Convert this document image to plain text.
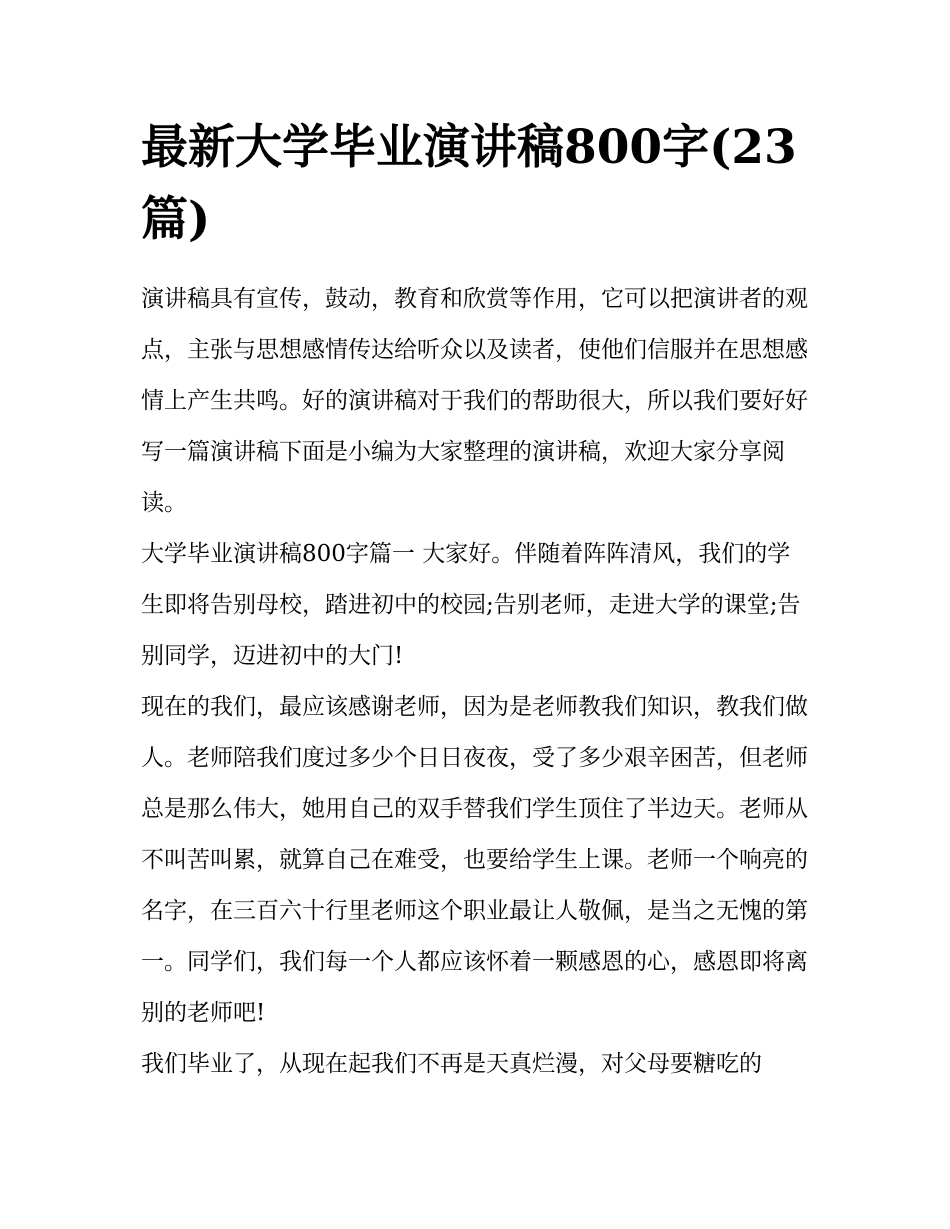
最新大学毕业演讲稿800字(23篇)

演讲稿具有宣传，鼓动，教育和欣赏等作用，它可以把演讲者的观点，主张与思想感情传达给听众以及读者，使他们信服并在思想感情上产生共鸣。好的演讲稿对于我们的帮助很大，所以我们要好好写一篇演讲稿下面是小编为大家整理的演讲稿，欢迎大家分享阅读。

大学毕业演讲稿800字篇一 大家好。伴随着阵阵清风，我们的学生即将告别母校，踏进初中的校园;告别老师，走进大学的课堂;告别同学，迈进初中的大门!

现在的我们，最应该感谢老师，因为是老师教我们知识，教我们做人。老师陪我们度过多少个日日夜夜，受了多少艰辛困苦，但老师总是那么伟大，她用自己的双手替我们学生顶住了半边天。老师从不叫苦叫累，就算自己在难受，也要给学生上课。老师一个响亮的名字，在三百六十行里老师这个职业最让人敬佩，是当之无愧的第一。同学们，我们每一个人都应该怀着一颗感恩的心，感恩即将离别的老师吧!

我们毕业了，从现在起我们不再是天真烂漫，对父母要糖吃的
